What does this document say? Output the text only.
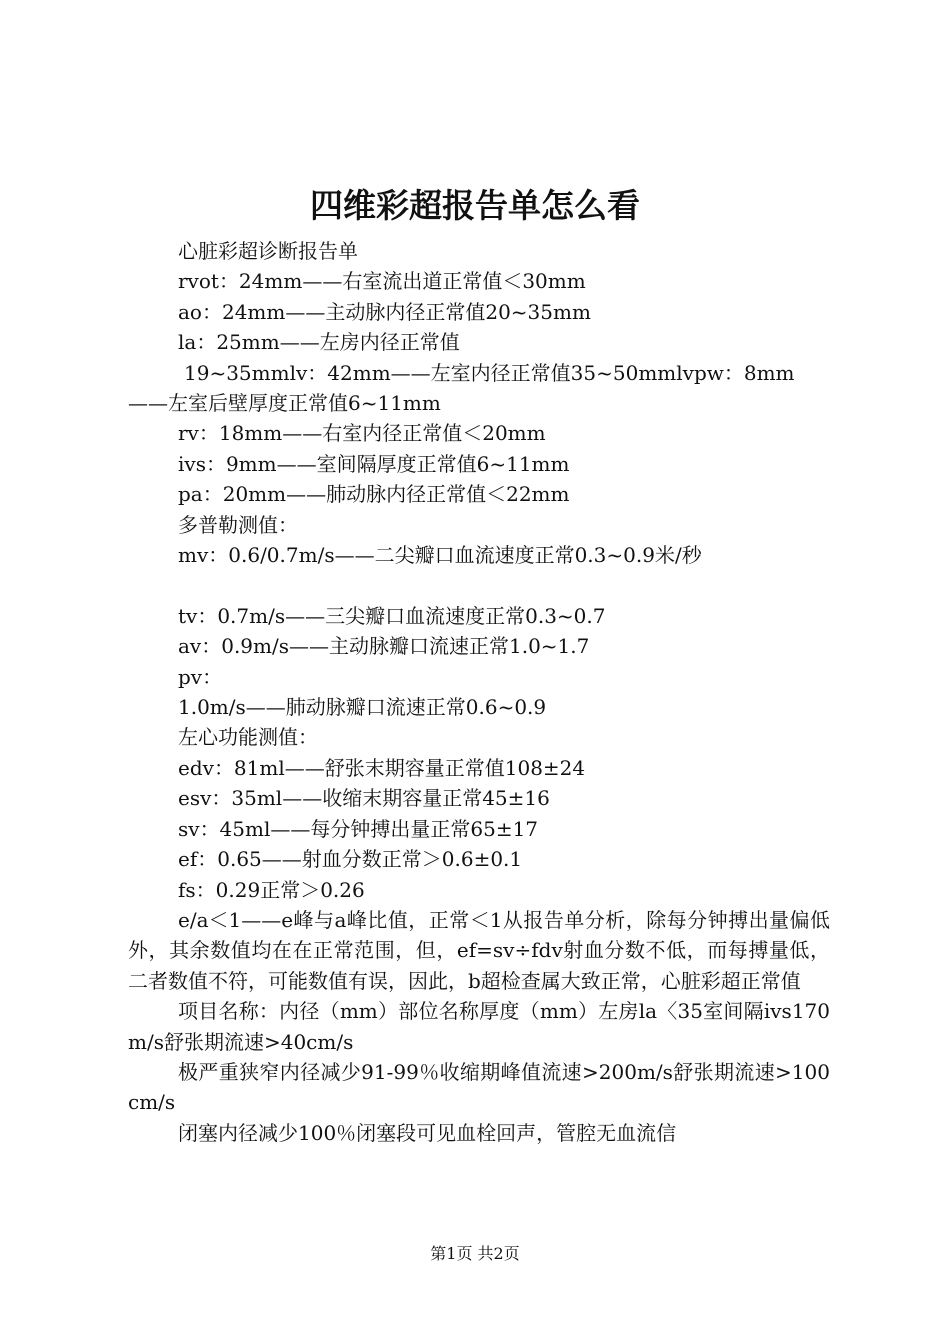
四维彩超报告单怎么看
心脏彩超诊断报告单
rvot：24mm——右室流出道正常值＜30mm
ao：24mm——主动脉内径正常值20~35mm
la：25mm——左房内径正常值
19~35mmlv：42mm——左室内径正常值35~50mmlvpw：8mm
——左室后壁厚度正常值6~11mm
rv：18mm——右室内径正常值＜20mm
ivs：9mm——室间隔厚度正常值6~11mm
pa：20mm——肺动脉内径正常值＜22mm
多普勒测值：
mv：0.6/0.7m/s——二尖瓣口血流速度正常0.3~0.9米/秒
tv：0.7m/s——三尖瓣口血流速度正常0.3~0.7
av：0.9m/s——主动脉瓣口流速正常1.0~1.7
pv：
1.0m/s——肺动脉瓣口流速正常0.6~0.9
左心功能测值：
edv：81ml——舒张末期容量正常值108±24
esv：35ml——收缩末期容量正常45±16
sv：45ml——每分钟搏出量正常65±17
ef：0.65——射血分数正常＞0.6±0.1
fs：0.29正常＞0.26

e/a＜1——e峰与a峰比值，正常＜1从报告单分析，除每分钟搏出量偏低外，其余数值均在在正常范围，但，ef=sv÷fdv射血分数不低，而每搏量低，二者数值不符，可能数值有误，因此，b超检查属大致正常，心脏彩超正常值

项目名称：内径（mm）部位名称厚度（mm）左房la〈35室间隔ivs170m/s舒张期流速>40cm/s

极严重狭窄内径减少91-99％收缩期峰值流速>200m/s舒张期流速>100cm/s

闭塞内径减少100％闭塞段可见血栓回声，管腔无血流信

第1页 共2页
